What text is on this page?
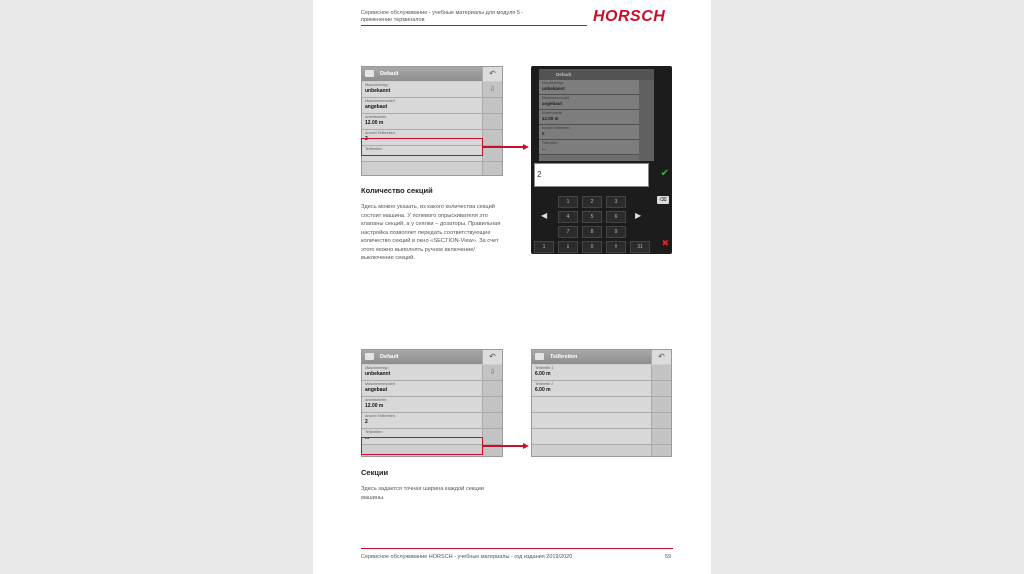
Сервисное обслуживание - учебные материалы для модуля 5 - применение терминалов	HORSCH
Default	↶
Maschinentyp
unbekannt
Maschinenmodell
angebaut
Arbeitsbreite
12.00 m
Anzahl Teilbreiten
2
Teilbreiten
...
⇩
Default
Maschinentyp
unbekannt
Maschinenmodell
angebaut
Arbeitsbreite
12.00 m
Anzahl Teilbreiten
2
Teilbreiten
...
2	✔
⌫
1	2	3
4	5	6
7	8	9
1	⇓	0	⇑	31
◀	▶
✖
Количество секций
Здесь можно указать, из какого количества секций состоит машина. У полевого опрыскивателя это клапаны секций, а у сеялки – дозаторы. Правильная настройка позволяет передать соответствующее количество секций в окно «SECTION-View». За счет этого можно выполнять ручное включение/выключение секций.
Default	↶
Maschinentyp
unbekannt
Maschinenmodell
angebaut
Arbeitsbreite
12.00 m
Anzahl Teilbreiten
2
Teilbreiten
...
⇩
Teilbreiten	↶
Teilbreite 1
6.00 m
Teilbreite 2
6.00 m
Секции
Здесь задается точная ширина каждой секции машины.
Сервисное обслуживание HORSCH - учебные материалы - год издания 2019/2020	59
